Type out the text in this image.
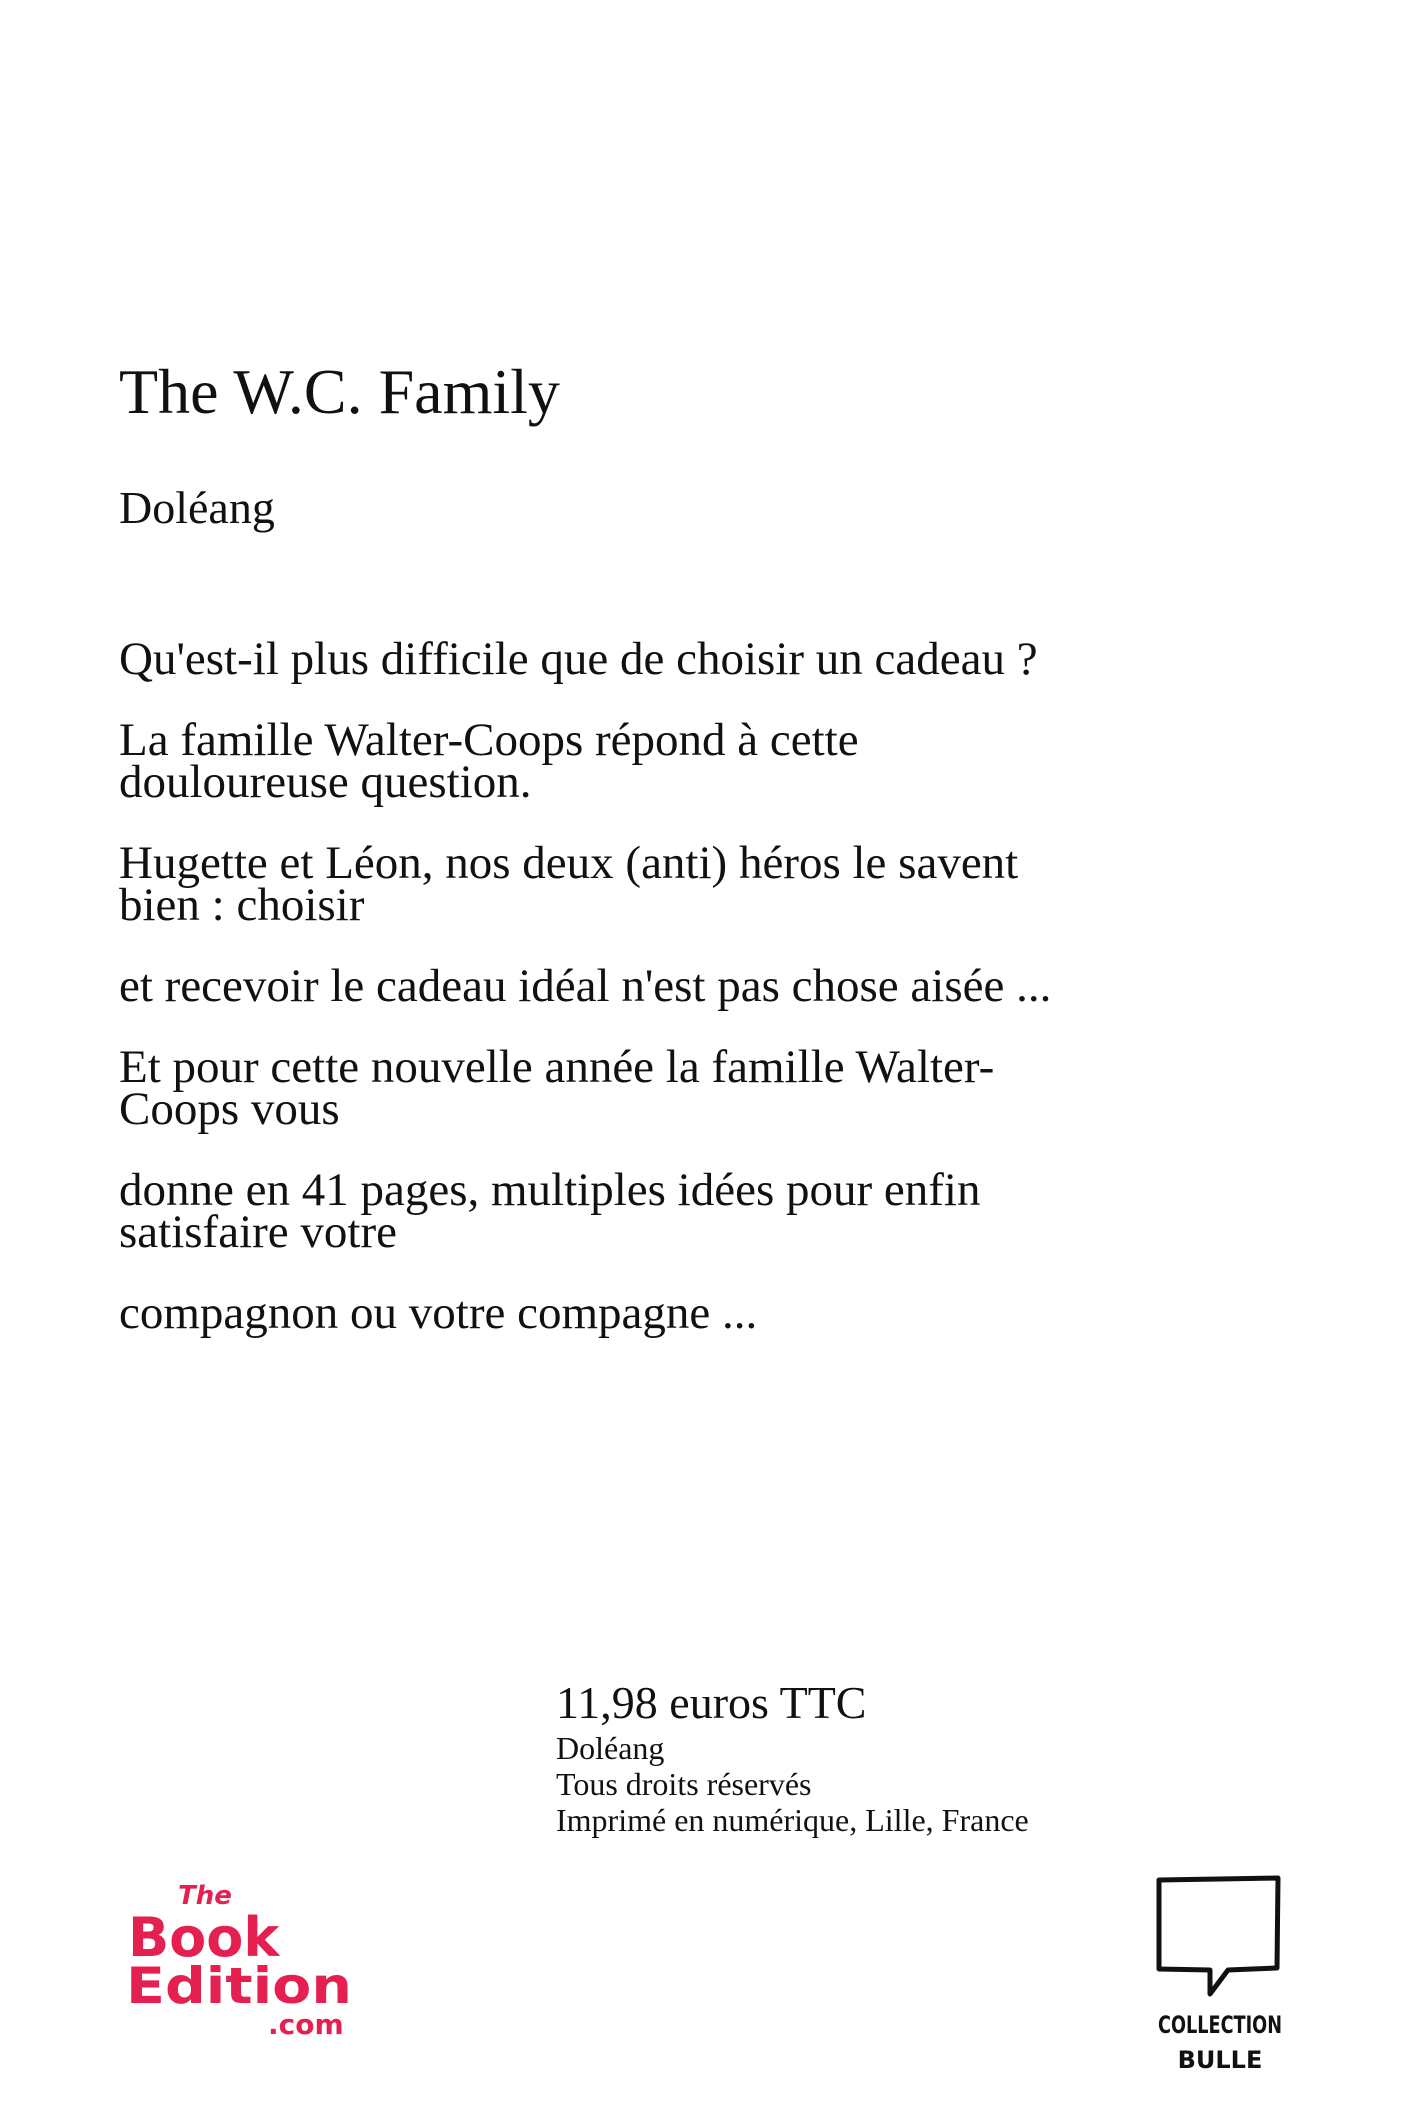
The W.C. Family
Doléang

Qu'est-il plus difficile que de choisir un cadeau ?

La famille Walter-Coops répond à cette douloureuse question.

Hugette et Léon, nos deux (anti) héros le savent bien : choisir

et recevoir le cadeau idéal n'est pas chose aisée ...

Et pour cette nouvelle année la famille Walter-Coops vous

donne en 41 pages, multiples idées pour enfin satisfaire votre

compagnon ou votre compagne ...

11,98 euros TTC
Doléang
Tous droits réservés
Imprimé en numérique, Lille, France
The
Book
Edition
.com	COLLECTION
BULLE
